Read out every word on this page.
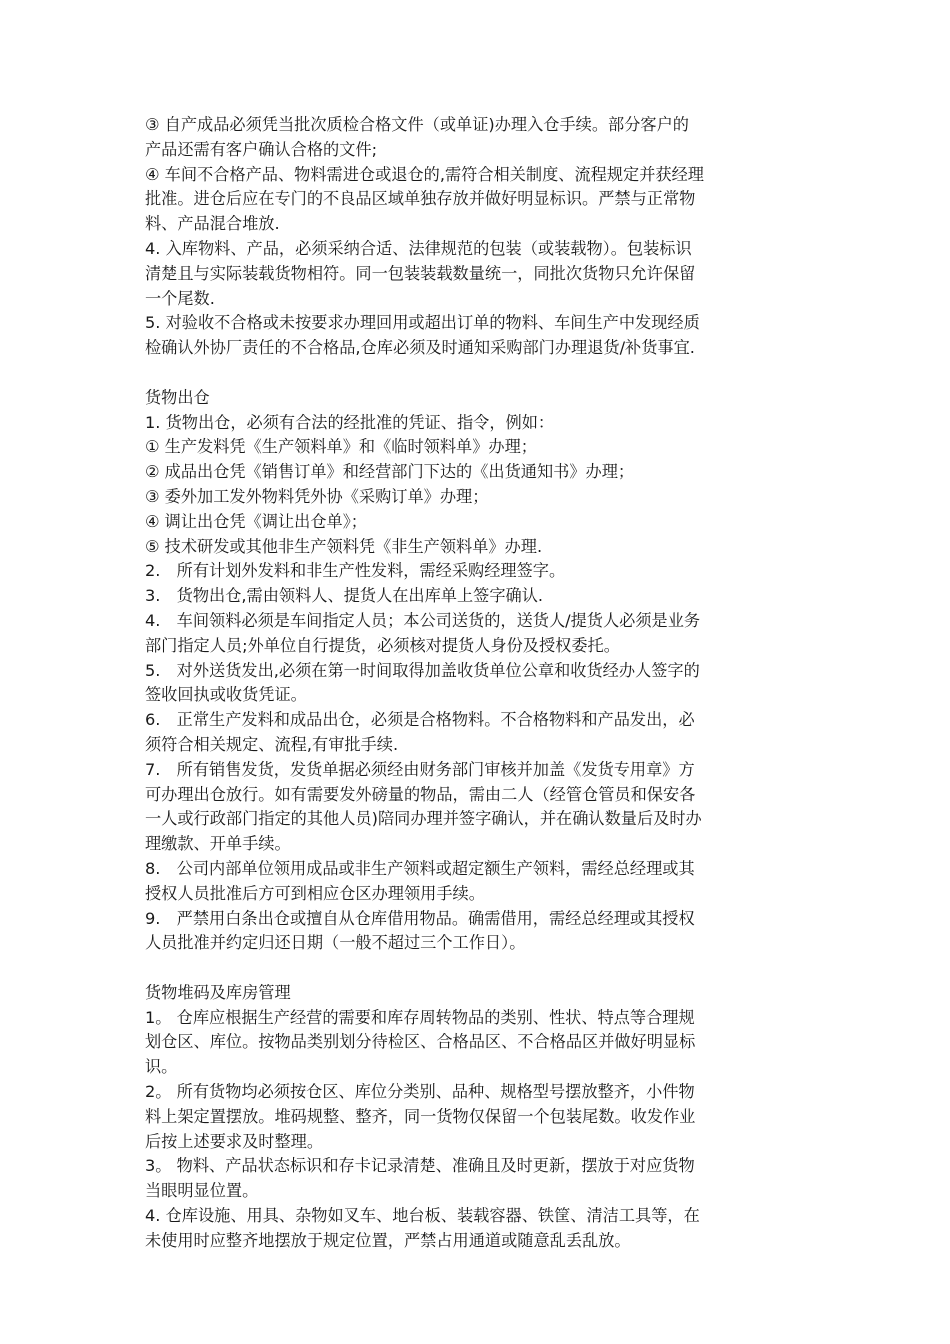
③ 自产成品必须凭当批次质检合格文件（或单证)办理入仓手续。部分客户的
产品还需有客户确认合格的文件;
④ 车间不合格产品、物料需进仓或退仓的,需符合相关制度、流程规定并获经理
批准。进仓后应在专门的不良品区域单独存放并做好明显标识。严禁与正常物
料、产品混合堆放.
4. 入库物料、产品，必须采纳合适、法律规范的包装（或装载物）。包装标识
清楚且与实际装载货物相符。同一包装装载数量统一，同批次货物只允许保留
一个尾数.
5. 对验收不合格或未按要求办理回用或超出订单的物料、车间生产中发现经质
检确认外协厂责任的不合格品,仓库必须及时通知采购部门办理退货/补货事宜.
货物出仓
1. 货物出仓，必须有合法的经批准的凭证、指令，例如：
① 生产发料凭《生产领料单》和《临时领料单》办理；
② 成品出仓凭《销售订单》和经营部门下达的《出货通知书》办理；
③ 委外加工发外物料凭外协《采购订单》办理；
④ 调让出仓凭《调让出仓单》；
⑤ 技术研发或其他非生产领料凭《非生产领料单》办理.
2.　所有计划外发料和非生产性发料，需经采购经理签字。
3.　货物出仓,需由领料人、提货人在出库单上签字确认.
4.　车间领料必须是车间指定人员；本公司送货的，送货人/提货人必须是业务
部门指定人员;外单位自行提货，必须核对提货人身份及授权委托。
5.　对外送货发出,必须在第一时间取得加盖收货单位公章和收货经办人签字的
签收回执或收货凭证。
6.　正常生产发料和成品出仓，必须是合格物料。不合格物料和产品发出，必
须符合相关规定、流程,有审批手续.
7.　所有销售发货，发货单据必须经由财务部门审核并加盖《发货专用章》方
可办理出仓放行。如有需要发外磅量的物品，需由二人（经管仓管员和保安各
一人或行政部门指定的其他人员)陪同办理并签字确认，并在确认数量后及时办
理缴款、开单手续。
8.　公司内部单位领用成品或非生产领料或超定额生产领料，需经总经理或其
授权人员批准后方可到相应仓区办理领用手续。
9.　严禁用白条出仓或擅自从仓库借用物品。确需借用，需经总经理或其授权
人员批准并约定归还日期（一般不超过三个工作日）。
货物堆码及库房管理
1。 仓库应根据生产经营的需要和库存周转物品的类别、性状、特点等合理规
划仓区、库位。按物品类别划分待检区、合格品区、不合格品区并做好明显标
识。
2。 所有货物均必须按仓区、库位分类别、品种、规格型号摆放整齐，小件物
料上架定置摆放。堆码规整、整齐，同一货物仅保留一个包装尾数。收发作业
后按上述要求及时整理。
3。 物料、产品状态标识和存卡记录清楚、准确且及时更新，摆放于对应货物
当眼明显位置。
4. 仓库设施、用具、杂物如叉车、地台板、装载容器、铁筐、清洁工具等，在
未使用时应整齐地摆放于规定位置，严禁占用通道或随意乱丢乱放。
